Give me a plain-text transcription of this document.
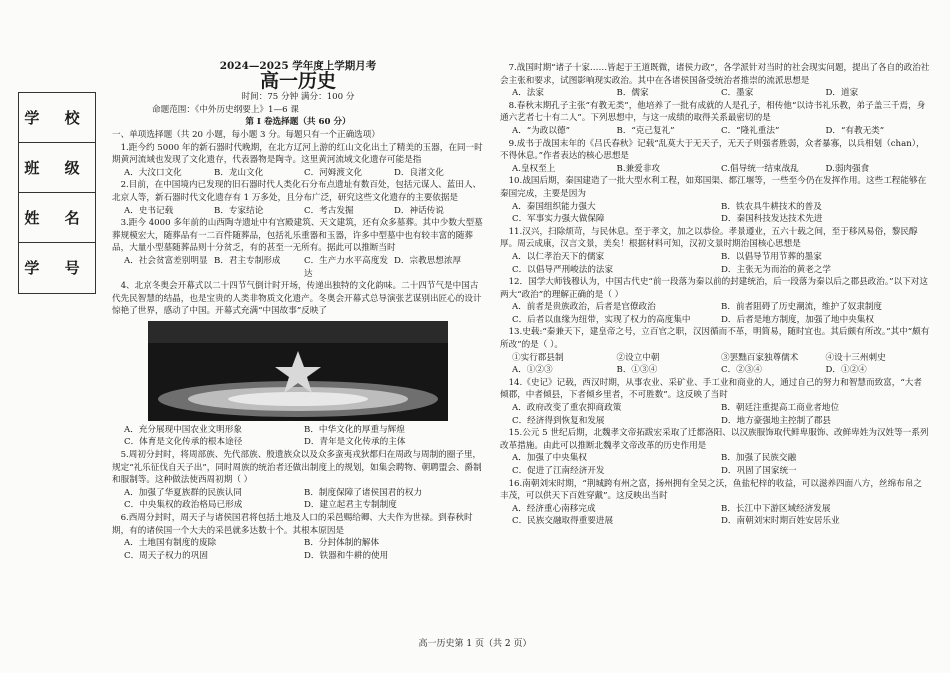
学 校
班 级
姓 名
学 号
2024—2025 学年度上学期月考
高一历史
时间：75 分钟 满分：100 分
命题范围：《中外历史纲要上》1—6 课
第 I 卷选择题（共 60 分）
一、单项选择题（共 20 小题，每小题 3 分。每题只有一个正确选项）
1.距今约 5000 年的新石器时代晚期，在北方辽河上游的红山文化出土了精美的玉器，在同一时期黄河流域也发现了文化遗存，代表器物是陶寺。这里黄河流域文化遗存可能是指
A．大汶口文化	B．龙山文化	C．河姆渡文化	D．良渚文化
2.目前，在中国境内已发现的旧石器时代人类化石分布点遗址有数百处，包括元谋人、蓝田人、北京人等，新石器时代文化遗存有 1 万多处，且分布广泛，研究这些文化遗存的主要依据是
A．史书记载	B．专家结论	C．考古发掘	D．神话传说
3.距今 4000 多年前的山西陶寺遗址中有宫殿建筑、天文建筑，还有众多墓葬。其中少数大型墓葬规模宏大，随葬品有一二百件随葬品，包括礼乐重器和玉器，许多中型墓中也有较丰富的随葬品，大量小型墓随葬品则十分贫乏，有的甚至一无所有。据此可以推断当时
A．社会贫富差别明显 B．君主专制形成	C．生产力水平高度发达
D．宗教思想浓厚
4、北京冬奥会开幕式以二十四节气倒计时开场，传递出独特的文化韵味。二十四节气是中国古代先民智慧的结晶，也是宝贵的人类非物质文化遗产。冬奥会开幕式总导演张艺谋别出匠心的设计惊艳了世界，感动了中国。开幕式充满“中国故事”反映了
A．充分展现中国农业文明形象	B．中华文化的厚重与辉煌
C．体育是文化传承的根本途径	D．青年是文化传承的主体
5.周初分封时，将周部族、先代部族、殷遗族众以及众多蛮夷戎狄都归在周政与周制的圈子里，规定“礼乐征伐自天子出”，同时周族的统治者还做出制度上的规划，如集会聘物、朝聘盟会、爵制和服制等。这种做法使西周初期（ ）
A．加强了华夏族群的民族认同	B．制度保障了诸侯国君的权力
C．中央集权的政治格局已形成	D．建立起君主专制制度
6.西周分封时，周天子与诸侯国君将包括土地及人口的采邑赐给卿、大夫作为世禄。到春秋时期，有的诸侯国一个大夫的采邑就多达数十个。其根本原因是
A．土地国有制度的废除	B．分封体制的解体
C．周天子权力的巩固	D．铁器和牛耕的使用
7.战国时期“诸子十家……皆起于王道既微，诸侯力政”，各学派针对当时的社会现实问题，提出了各自的政治社会主张和要求，试图影响现实政治。其中在各诸侯国备受统治者推崇的流派思想是
A．法家	B．儒家	C．墨家	D．道家
8.春秋末期孔子主张“有教无类”，他培养了一批有成就的人是孔子，相传他“以诗书礼乐教，弟子盖三千焉，身通六艺者七十有二人”。下列思想中，与这一成绩的取得关系最密切的是
A．“为政以德”	B．“克己复礼”	C．“隆礼重法”	D．“有教无类”
9.成书于战国末年的《吕氏春秋》记载“乱莫大于无天子，无天子则强者胜弱，众者暴寡，以兵相刬（chan），不得休息。”作者表达的核心思想是
A.皇权至上	B.兼爱非攻	C.倡导统一结束战乱	D.弱肉强食
10.战国后期，秦国建造了一批大型水利工程，如郑国渠、都江堰等，一些至今仍在发挥作用。这些工程能够在秦国完成，主要是因为
A．秦国组织能力强大	B．铁农具牛耕技术的普及
C．军事实力强大做保障	D．秦国科技发达技术先进
11.汉兴，扫除烦苛，与民休息。至于孝文，加之以恭俭。孝景遵业，五六十载之间，至于移风易俗，黎民醇厚。周云成康，汉言文景，美矣！根据材料可知，汉初文景时期治国核心思想是
A．以仁孝治天下的儒家	B．以倡导节用节葬的墨家
C．以倡导严刑峻法的法家	D．主张无为而治的黄老之学
12．国学大师钱穆认为，中国古代史“前一段落为秦以前的封建统治，后一段落为秦以后之郡县政治。”以下对这两大“政治”的理解正确的是（ ）
A．前者是贵族政治，后者是官僚政治	B．前者阻碍了历史潮流，维护了奴隶制度
C．后者以血缘为纽带，实现了权力的高度集中	D．后者是地方制度，加强了地中央集权
13.史载:“秦兼天下，建皇帝之号，立百官之职，汉因循而不革，明简易，随时宜也。其后颇有所改。”其中“颇有所改”的是（ ）。
①实行郡县制	②设立中朝	③罢黜百家独尊儒术	④设十三州刺史
A．①②③	B．①③④	C．②③④	D．①②④
14.《史记》记载，西汉时期，从事农业、采矿业、手工业和商业的人，通过自己的努力和智慧而致富，“大者倾郡，中者倾县，下者倾乡里者，不可胜数”。这反映了当时
A．政府改变了重农抑商政策	B．朝廷注重提高工商业者地位
C．经济得到恢复和发展	D．地方豪强地主控制了郡县
15.公元 5 世纪后期，北魏孝文帝拓跋宏采取了迁都洛阳、以汉族服饰取代鲜卑服饰、改鲜卑姓为汉姓等一系列改革措施。由此可以推断北魏孝文帝改革的历史作用是
A．加强了中央集权	B．加强了民族交融
C．促进了江南经济开发	D．巩固了国家统一
16.南朝刘宋时期，“荆城跨有州之富，扬州拥有全吴之沃，鱼盐杞梓的收益，可以滋养四面八方，丝绵布帛之丰茂，可以供天下百姓穿戴”。这反映出当时
A．经济重心南移完成	B．长江中下游区域经济发展
C．民族交融取得重要进展	D．南朝刘宋时期百姓安居乐业
高一历史第 1 页（共 2 页）
